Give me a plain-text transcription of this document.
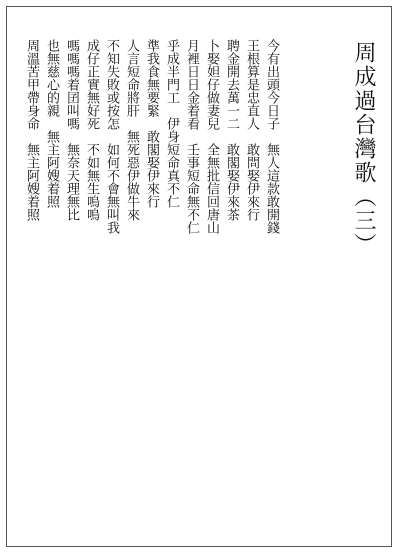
周成過台灣歌（三）
今有出頭今日子　無人這款敢開錢
王根算是忠直人　敢問娶伊來行
聘金開去萬一二　敢閣娶伊來茶
卜娶妲仔做妻兒　全無批信回唐山
月裡日日金着看　壬事短命無不仁
乎成半門工　伊身短命真不仁
準我食無要緊　敢閣娶伊來行
人言短命將肝　無死惡伊做牛來
不知失敗或按怎　如何不會無叫我
成仔正實無好死　不如無生嗚嗚
嗎嗎嗎着囝叫嗎　無奈天理無比
也無慈心的親　無主阿嫂着照
周溫苦甲帶身命　無主阿嫂着照
